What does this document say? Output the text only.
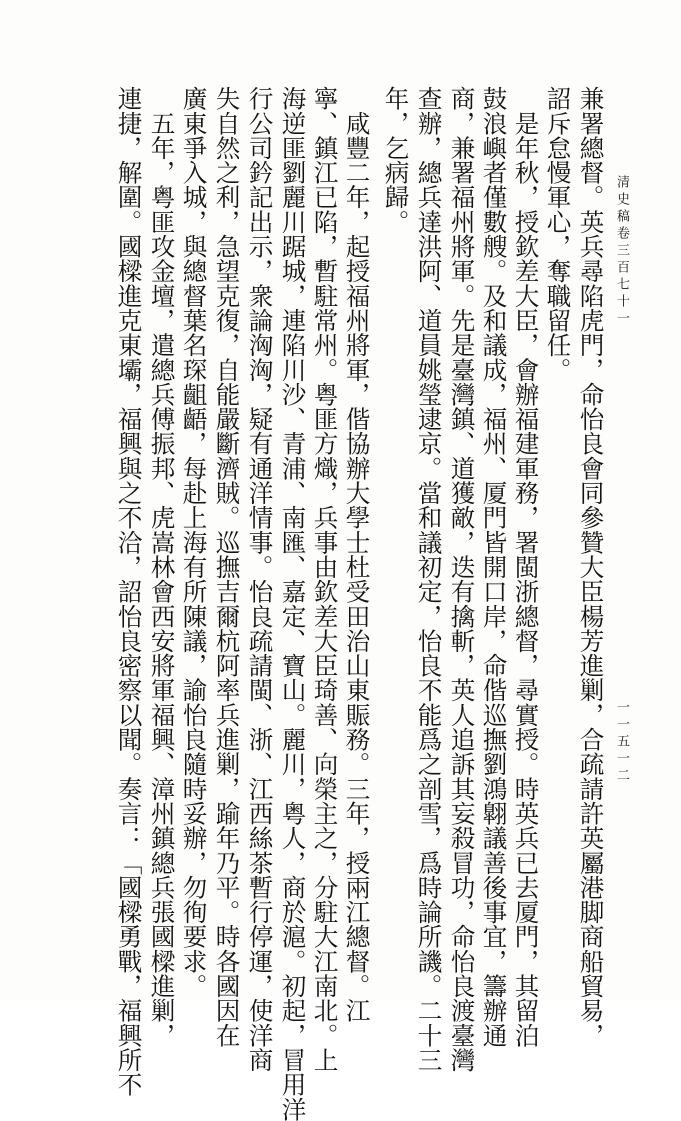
清史稿卷三百七十一
一一五一二
兼署總督。英兵尋陷虎門，命怡良會同參贊大臣楊芳進剿，合疏請許英屬港脚商船貿易，
詔斥怠慢軍心，奪職留任。
　是年秋，授欽差大臣，會辦福建軍務，署閩浙總督，尋實授。時英兵已去厦門，其留泊
鼓浪嶼者僅數艘。及和議成，福州、厦門皆開口岸，命偕巡撫劉鴻翺議善後事宜，籌辦通
商，兼署福州將軍。先是臺灣鎮、道獲敵，迭有擒斬，英人追訴其妄殺冒功，命怡良渡臺灣
查辦，總兵達洪阿、道員姚瑩逮京。當和議初定，怡良不能爲之剖雪，爲時論所譏。二十三
年，乞病歸。
　咸豐二年，起授福州將軍，偕協辦大學士杜受田治山東賑務。三年，授兩江總督。江
寧、鎮江已陷，暫駐常州。粤匪方熾，兵事由欽差大臣琦善、向榮主之，分駐大江南北。上
海逆匪劉麗川踞城，連陷川沙、青浦、南匯、嘉定、寶山。麗川，粤人，商於滬。初起，冒用洋
行公司鈐記出示，衆論洶洶，疑有通洋情事。怡良疏請閩、浙、江西絲茶暫行停運，使洋商
失自然之利，急望克復，自能嚴斷濟賊。巡撫吉爾杭阿率兵進剿，踰年乃平。時各國因在
廣東爭入城，與總督葉名琛齟齬，每赴上海有所陳議，諭怡良隨時妥辦，勿徇要求。
　五年，粤匪攻金壇，遣總兵傅振邦、虎嵩林會西安將軍福興、漳州鎮總兵張國樑進剿，
連捷，解圍。國樑進克東壩，福興與之不洽，詔怡良密察以聞。奏言：「國樑勇戰，福興所不
